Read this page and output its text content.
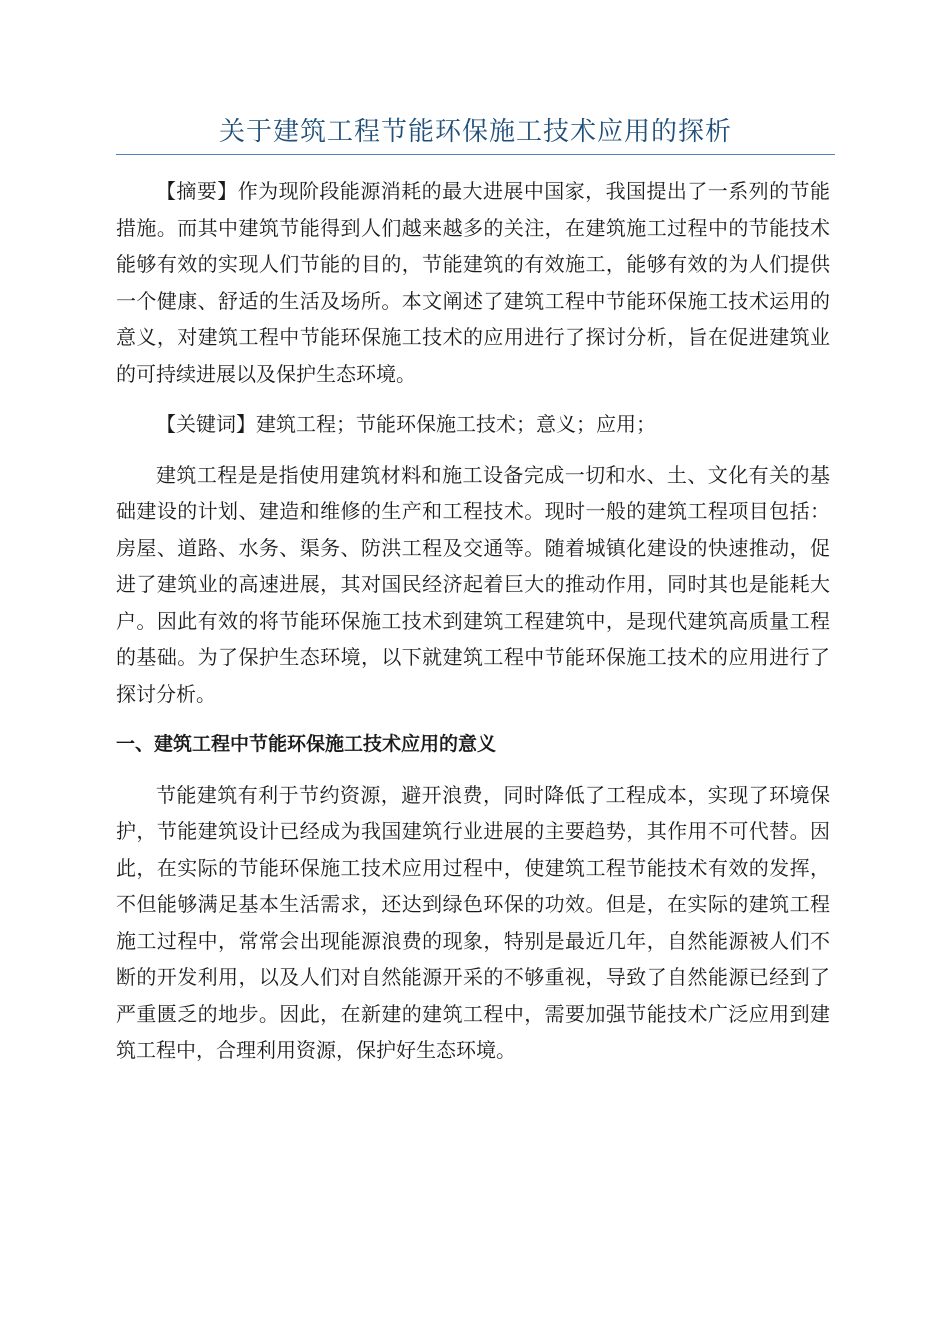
关于建筑工程节能环保施工技术应用的探析

【摘要】作为现阶段能源消耗的最大进展中国家，我国提出了一系列的节能措施。而其中建筑节能得到人们越来越多的关注，在建筑施工过程中的节能技术能够有效的实现人们节能的目的，节能建筑的有效施工，能够有效的为人们提供一个健康、舒适的生活及场所。本文阐述了建筑工程中节能环保施工技术运用的意义，对建筑工程中节能环保施工技术的应用进行了探讨分析，旨在促进建筑业的可持续进展以及保护生态环境。

【关键词】建筑工程；节能环保施工技术；意义；应用；

建筑工程是是指使用建筑材料和施工设备完成一切和水、土、文化有关的基础建设的计划、建造和维修的生产和工程技术。现时一般的建筑工程项目包括：房屋、道路、水务、渠务、防洪工程及交通等。随着城镇化建设的快速推动，促进了建筑业的高速进展，其对国民经济起着巨大的推动作用，同时其也是能耗大户。因此有效的将节能环保施工技术到建筑工程建筑中，是现代建筑高质量工程的基础。为了保护生态环境，以下就建筑工程中节能环保施工技术的应用进行了探讨分析。

一、建筑工程中节能环保施工技术应用的意义

节能建筑有利于节约资源，避开浪费，同时降低了工程成本，实现了环境保护，节能建筑设计已经成为我国建筑行业进展的主要趋势，其作用不可代替。因此，在实际的节能环保施工技术应用过程中，使建筑工程节能技术有效的发挥，不但能够满足基本生活需求，还达到绿色环保的功效。但是，在实际的建筑工程施工过程中，常常会出现能源浪费的现象，特别是最近几年，自然能源被人们不断的开发利用，以及人们对自然能源开采的不够重视，导致了自然能源已经到了严重匮乏的地步。因此，在新建的建筑工程中，需要加强节能技术广泛应用到建筑工程中，合理利用资源，保护好生态环境。
